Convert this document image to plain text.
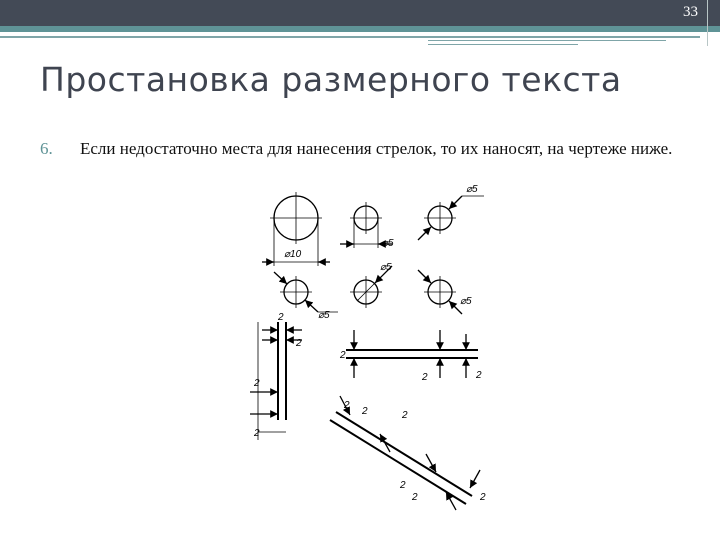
33
Простановка размерного текста
6. Если недостаточно места для нанесения стрелок, то их наносят, на чертеже ниже.
⌀10
⌀5
⌀5
⌀5
⌀5
⌀5
2
2
2
2
2
2	2
2
2	2
2
2	2
